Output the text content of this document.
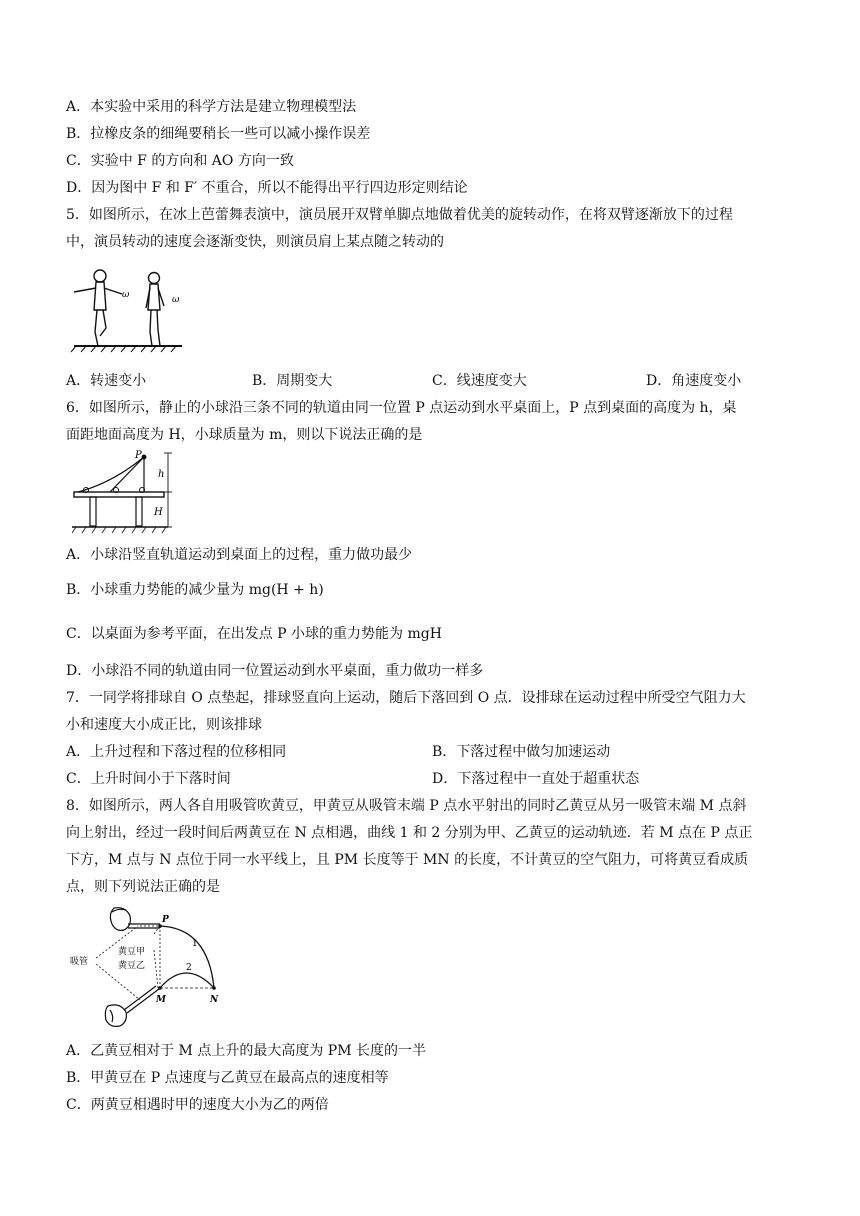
A．本实验中采用的科学方法是建立物理模型法
B．拉橡皮条的细绳要稍长一些可以减小操作误差
C．实验中 F 的方向和 AO 方向一致
D．因为图中 F 和 F′ 不重合，所以不能得出平行四边形定则结论
5．如图所示，在冰上芭蕾舞表演中，演员展开双臂单脚点地做着优美的旋转动作，在将双臂逐渐放下的过程
中，演员转动的速度会逐渐变快，则演员肩上某点随之转动的
ω	ω
A．转速变小	B．周期变大	C．线速度变大	D．角速度变小
6．如图所示，静止的小球沿三条不同的轨道由同一位置 P 点运动到水平桌面上，P 点到桌面的高度为 h，桌
面距地面高度为 H，小球质量为 m，则以下说法正确的是
P
h
H
A．小球沿竖直轨道运动到桌面上的过程，重力做功最少
B．小球重力势能的减少量为 mg(H + h)
C．以桌面为参考平面，在出发点 P 小球的重力势能为 mgH
D．小球沿不同的轨道由同一位置运动到水平桌面，重力做功一样多
7．一同学将排球自 O 点垫起，排球竖直向上运动，随后下落回到 O 点．设排球在运动过程中所受空气阻力大
小和速度大小成正比，则该排球
A．上升过程和下落过程的位移相同	B．下落过程中做匀加速运动
C．上升时间小于下落时间	D．下落过程中一直处于超重状态
8．如图所示，两人各自用吸管吹黄豆，甲黄豆从吸管末端 P 点水平射出的同时乙黄豆从另一吸管末端 M 点斜
向上射出，经过一段时间后两黄豆在 N 点相遇，曲线 1 和 2 分别为甲、乙黄豆的运动轨迹．若 M 点在 P 点正
下方，M 点与 N 点位于同一水平线上，且 PM 长度等于 MN 的长度，不计黄豆的空气阻力，可将黄豆看成质
点，则下列说法正确的是
P
M	N
1
2
吸管
黄豆甲
黄豆乙
A．乙黄豆相对于 M 点上升的最大高度为 PM 长度的一半
B．甲黄豆在 P 点速度与乙黄豆在最高点的速度相等
C．两黄豆相遇时甲的速度大小为乙的两倍
